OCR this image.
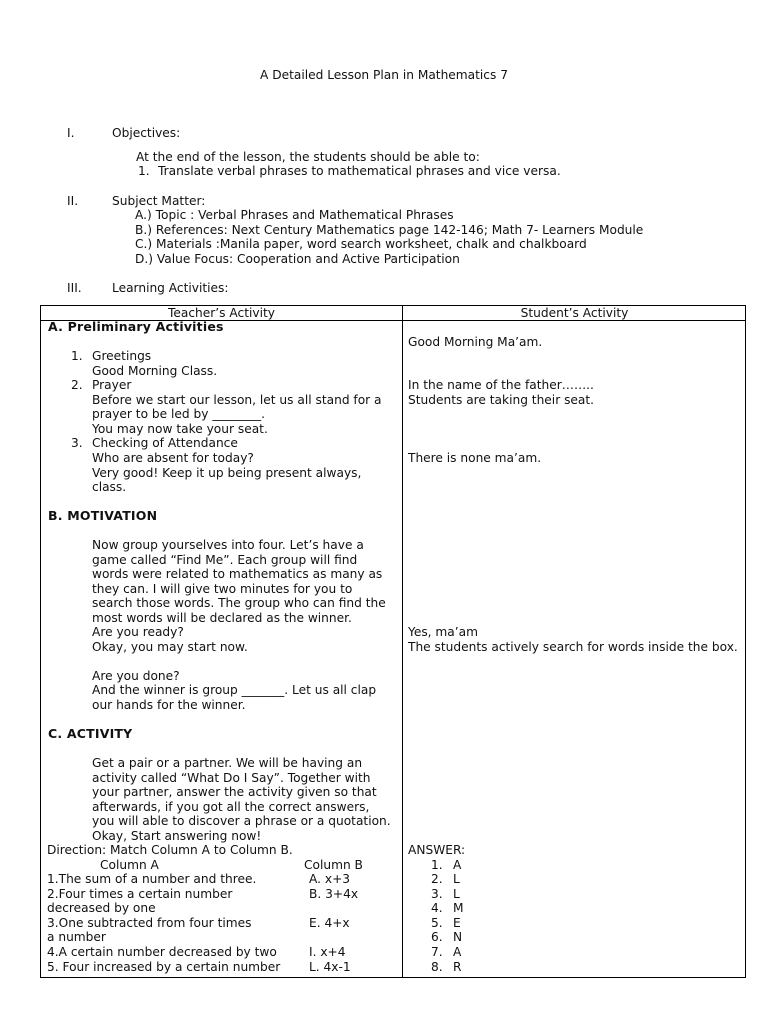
A Detailed Lesson Plan in Mathematics 7
I.	Objectives:
At the end of the lesson, the students should be able to:
1. Translate verbal phrases to mathematical phrases and vice versa.
II.	Subject Matter:
A.) Topic : Verbal Phrases and Mathematical Phrases
B.) References: Next Century Mathematics page 142-146; Math 7- Learners Module
C.) Materials :Manila paper, word search worksheet, chalk and chalkboard
D.) Value Focus: Cooperation and Active Participation
III. Learning Activities:
Teacher’s Activity	Student’s Activity
A. Preliminary Activities
1. Greetings
Good Morning Class.
2. Prayer
Before we start our lesson, let us all stand for a
prayer to be led by ________.
You may now take your seat.
3. Checking of Attendance
Who are absent for today?
Very good! Keep it up being present always,
class.
B. MOTIVATION
Now group yourselves into four. Let’s have a
game called “Find Me”. Each group will find
words were related to mathematics as many as
they can. I will give two minutes for you to
search those words. The group who can find the
most words will be declared as the winner.
Are you ready?
Okay, you may start now.
Are you done?
And the winner is group _______. Let us all clap
our hands for the winner.
C. ACTIVITY
Get a pair or a partner. We will be having an
activity called “What Do I Say”. Together with
your partner, answer the activity given so that
afterwards, if you got all the correct answers,
you will able to discover a phrase or a quotation.
Okay, Start answering now!
Direction: Match Column A to Column B.
Column A	Column B
1.The sum of a number and three.	A. x+3
2.Four times a certain number	B. 3+4x
decreased by one
3.One subtracted from four times	E. 4+x
a number
4.A certain number decreased by two	I. x+4
5. Four increased by a certain number L. 4x-1
Good Morning Ma’am.
In the name of the father……..
Students are taking their seat.
There is none ma’am.
Yes, ma’am
The students actively search for words inside the box.
ANSWER:
1. A
2. L
3. L
4. M
5. E
6. N
7. A
8. R
